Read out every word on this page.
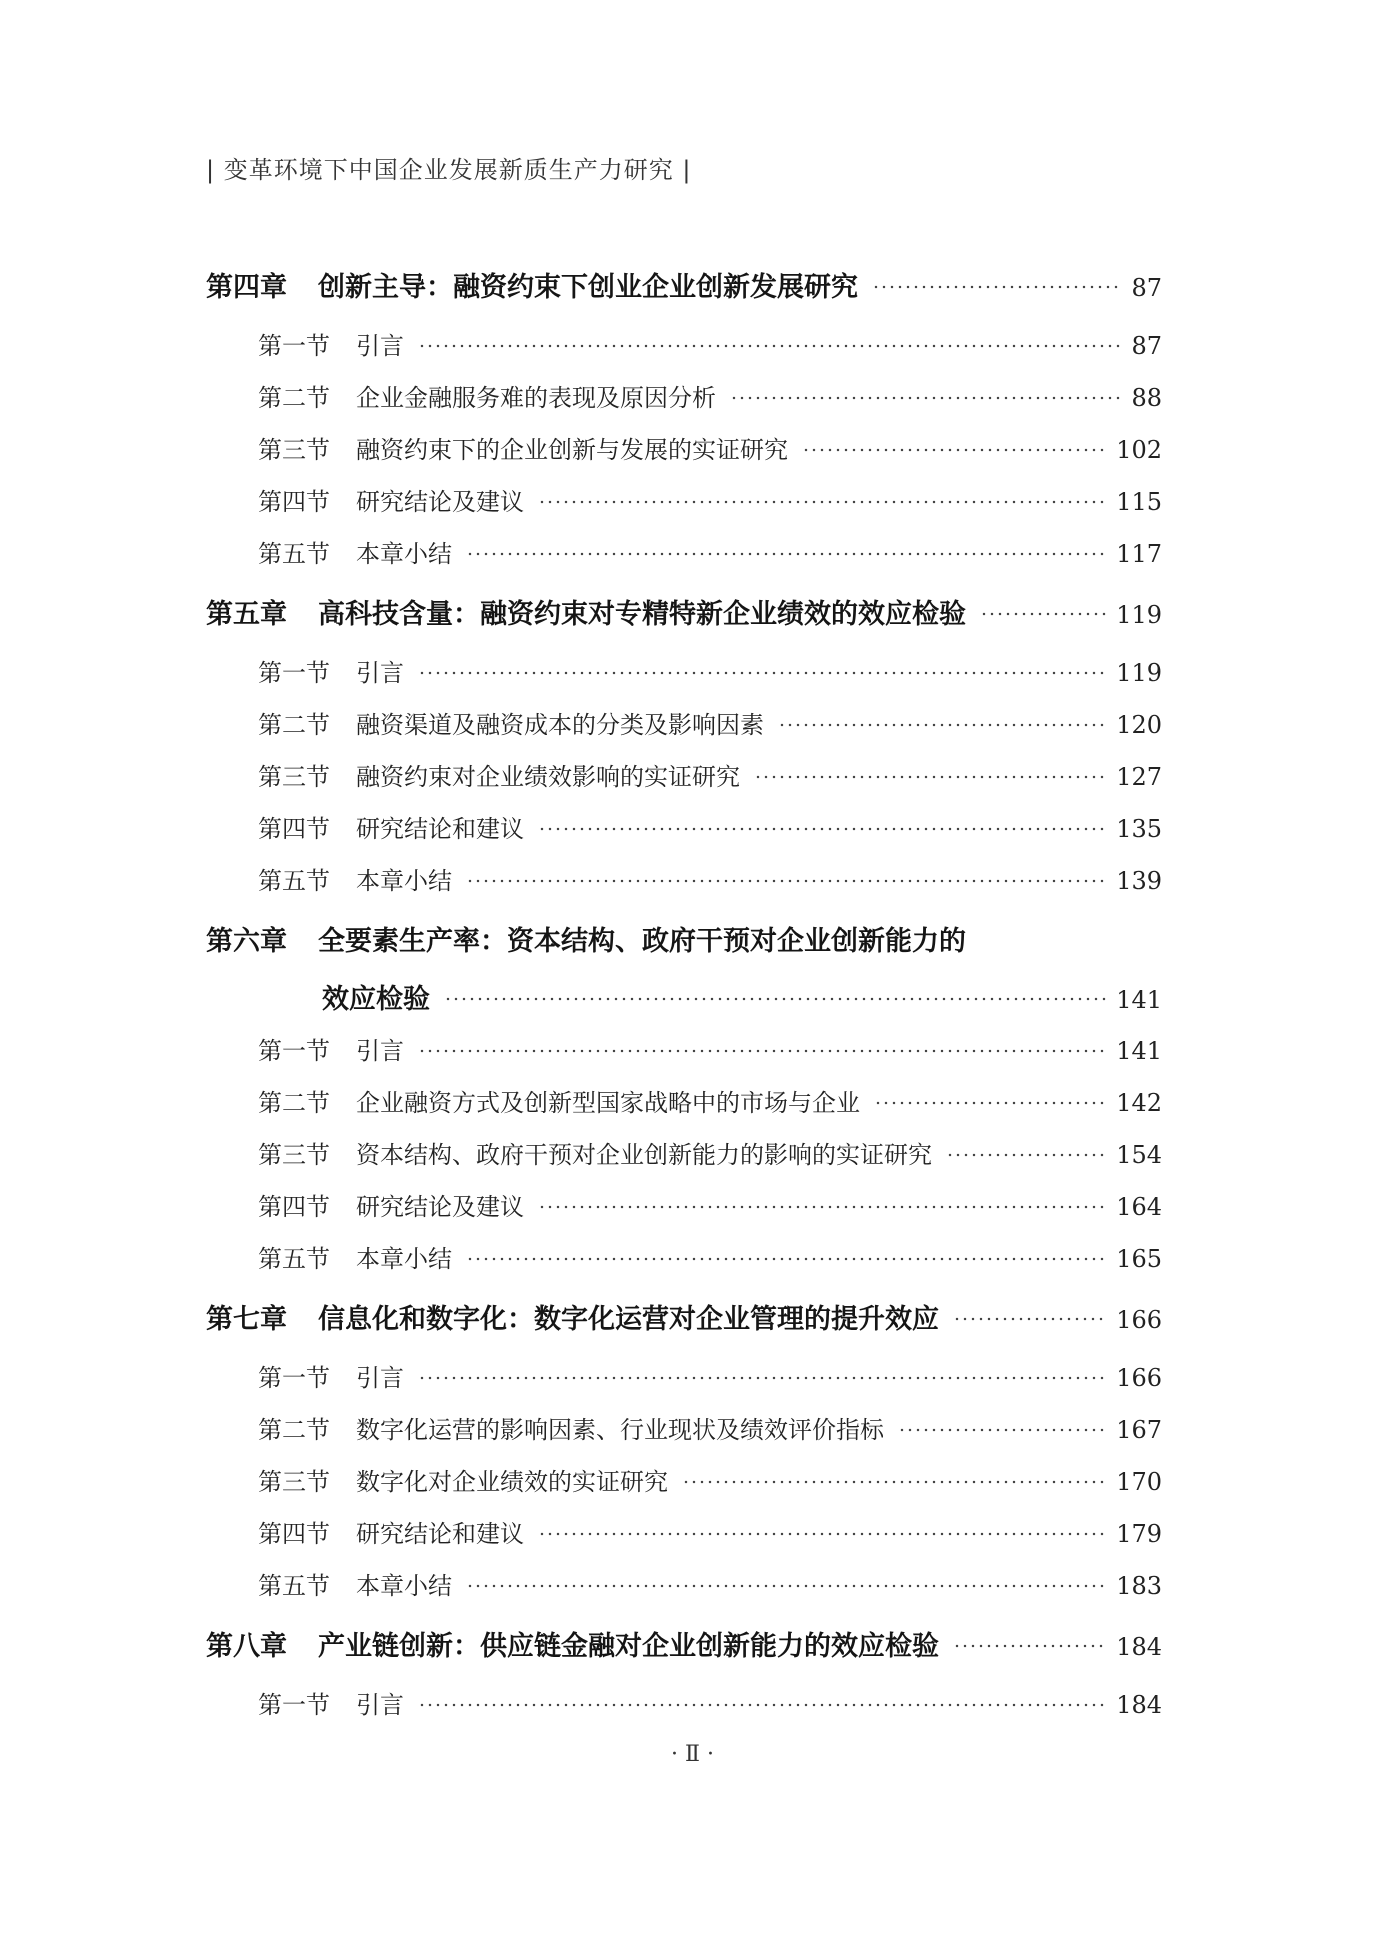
| 变革环境下中国企业发展新质生产力研究 |
第四章	创新主导：融资约束下创业企业创新发展研究	87
第一节	引言	87
第二节	企业金融服务难的表现及原因分析	88
第三节	融资约束下的企业创新与发展的实证研究	102
第四节	研究结论及建议	115
第五节	本章小结	117
第五章	高科技含量：融资约束对专精特新企业绩效的效应检验	119
第一节	引言	119
第二节	融资渠道及融资成本的分类及影响因素	120
第三节	融资约束对企业绩效影响的实证研究	127
第四节	研究结论和建议	135
第五节	本章小结	139
第六章	全要素生产率：资本结构、政府干预对企业创新能力的
效应检验	141
第一节	引言	141
第二节	企业融资方式及创新型国家战略中的市场与企业	142
第三节	资本结构、政府干预对企业创新能力的影响的实证研究	154
第四节	研究结论及建议	164
第五节	本章小结	165
第七章	信息化和数字化：数字化运营对企业管理的提升效应	166
第一节	引言	166
第二节	数字化运营的影响因素、行业现状及绩效评价指标	167
第三节	数字化对企业绩效的实证研究	170
第四节	研究结论和建议	179
第五节	本章小结	183
第八章	产业链创新：供应链金融对企业创新能力的效应检验	184
第一节	引言	184
· Ⅱ ·
